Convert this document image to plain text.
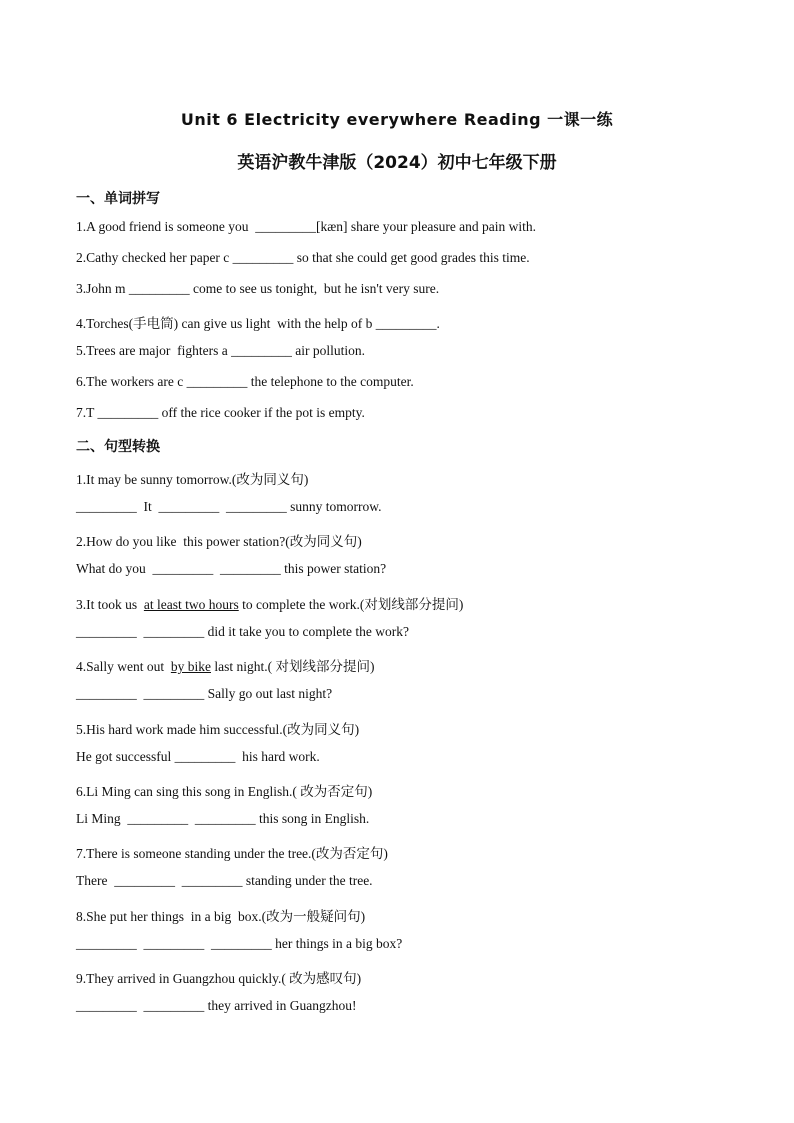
Unit 6 Electricity everywhere Reading 一课一练
英语沪教牛津版（2024）初中七年级下册
一、单词拼写
1.A good friend is someone you  _________[kæn] share your pleasure and pain with.
2.Cathy checked her paper c _________ so that she could get good grades this time.
3.John m _________ come to see us tonight,  but he isn't very sure.
4.Torches(手电筒) can give us light  with the help of b _________.
5.Trees are major  fighters a _________ air pollution.
6.The workers are c _________ the telephone to the computer.
7.T _________ off the rice cooker if the pot is empty.
二、句型转换
1.It may be sunny tomorrow.(改为同义句)
_________  It  _________  _________ sunny tomorrow.
2.How do you like  this power station?(改为同义句)
What do you  _________  _________ this power station?
3.It took us  at least two hours to complete the work.(对划线部分提问)
_________  _________ did it take you to complete the work?
4.Sally went out  by bike last night.( 对划线部分提问)
_________  _________ Sally go out last night?
5.His hard work made him successful.(改为同义句)
He got successful _________  his hard work.
6.Li Ming can sing this song in English.( 改为否定句)
Li Ming  _________  _________ this song in English.
7.There is someone standing under the tree.(改为否定句)
There  _________  _________ standing under the tree.
8.She put her things  in a big  box.(改为一般疑问句)
_________  _________  _________ her things in a big box?
9.They arrived in Guangzhou quickly.( 改为感叹句)
_________  _________ they arrived in Guangzhou!
